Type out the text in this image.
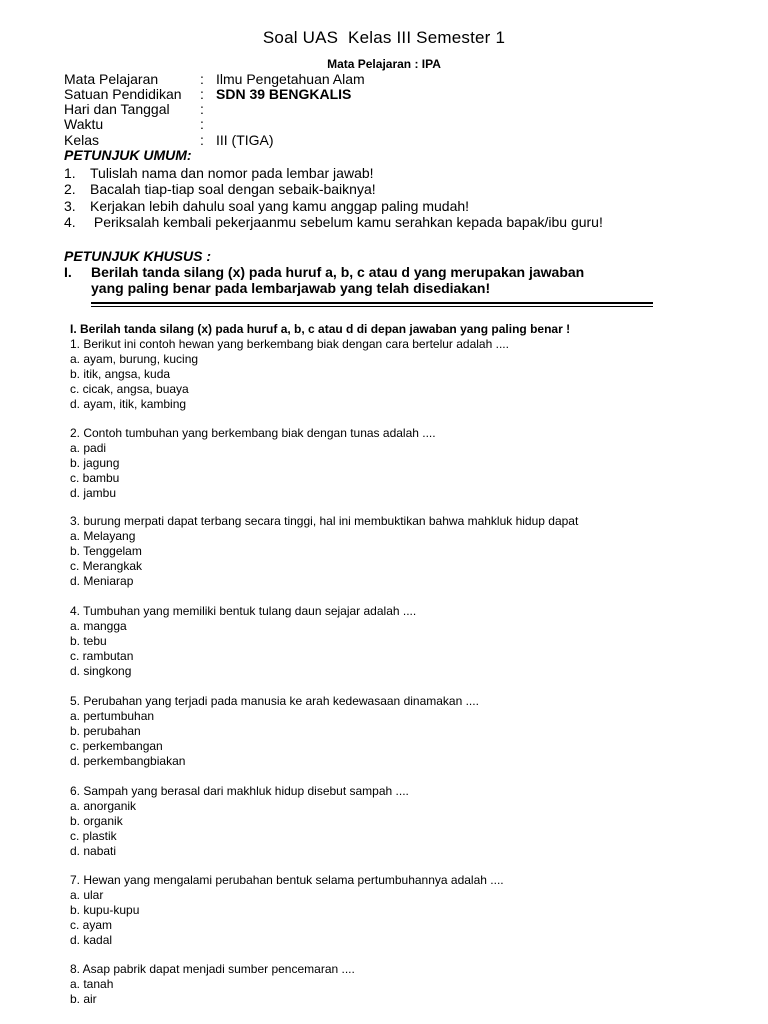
Soal UAS  Kelas III Semester 1
Mata Pelajaran : IPA
Mata Pelajaran	: Ilmu Pengetahuan Alam
Satuan Pendidikan : SDN 39 BENGKALIS
Hari dan Tanggal :
Waktu	:
Kelas	: III (TIGA)
PETUNJUK UMUM:
1. Tulislah nama dan nomor pada lembar jawab!
2. Bacalah tiap-tiap soal dengan sebaik-baiknya!
3. Kerjakan lebih dahulu soal yang kamu anggap paling mudah!
4. Periksalah kembali pekerjaanmu sebelum kamu serahkan kepada bapak/ibu guru!
PETUNJUK KHUSUS :
I. Berilah tanda silang (x) pada huruf a, b, c atau d yang merupakan jawaban
yang paling benar pada lembarjawab yang telah disediakan!
I. Berilah tanda silang (x) pada huruf a, b, c atau d di depan jawaban yang paling benar !
1. Berikut ini contoh hewan yang berkembang biak dengan cara bertelur adalah ....
a. ayam, burung, kucing
b. itik, angsa, kuda
c. cicak, angsa, buaya
d. ayam, itik, kambing
2. Contoh tumbuhan yang berkembang biak dengan tunas adalah ....
a. padi
b. jagung
c. bambu
d. jambu
3. burung merpati dapat terbang secara tinggi, hal ini membuktikan bahwa mahkluk hidup dapat
a. Melayang
b. Tenggelam
c. Merangkak
d. Meniarap
4. Tumbuhan yang memiliki bentuk tulang daun sejajar adalah ....
a. mangga
b. tebu
c. rambutan
d. singkong
5. Perubahan yang terjadi pada manusia ke arah kedewasaan dinamakan ....
a. pertumbuhan
b. perubahan
c. perkembangan
d. perkembangbiakan
6. Sampah yang berasal dari makhluk hidup disebut sampah ....
a. anorganik
b. organik
c. plastik
d. nabati
7. Hewan yang mengalami perubahan bentuk selama pertumbuhannya adalah ....
a. ular
b. kupu-kupu
c. ayam
d. kadal
8. Asap pabrik dapat menjadi sumber pencemaran ....
a. tanah
b. air
